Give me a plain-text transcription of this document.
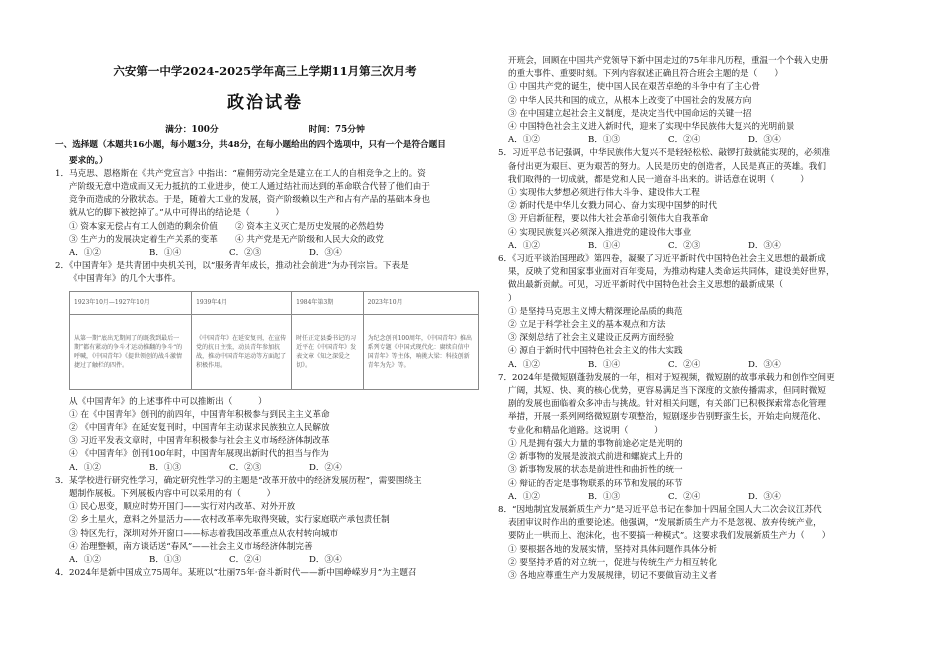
六安第一中学2024-2025学年高三上学期11月第三次月考
政治试卷
满分：100分	时间：75分钟
一、选择题（本题共16小题，每小题3分，共48分，在每小题给出的四个选项中，只有一个是符合题目
要求的。）

1．马克思、恩格斯在《共产党宣言》中指出：“雇佣劳动完全是建立在工人的自相竞争之上的。资

产阶级无意中造成而又无力抵抗的工业进步，使工人通过结社而达到的革命联合代替了他们由于

竞争而造成的分散状态。于是，随着大工业的发展，资产阶级赖以生产和占有产品的基础本身也

就从它的脚下被挖掉了。”从中可得出的结论是（　　　）

① 资本家无偿占有工人创造的剩余价值　　② 资本主义灭亡是历史发展的必然趋势

③ 生产力的发展决定着生产关系的变革　　④ 共产党是无产阶级和人民大众的政党

A．①②	B．①④	C．②③	D．③④

2．《中国青年》是共青团中央机关刊，以“服务青年成长，推动社会前进”为办刊宗旨。下表是

《中国青年》的几个大事件。

1923年10月—1927年10月	1939年4月	1984年第3期	2023年10月
从第一期“底出无期间了的既我到最后一期”都有紧动的争斗才运动推翻的争斗“的呼喊，《中国青年》《提世领创的战斗激情捷过了触栏的四件。	《中国青年》在延安复刊，在宣传党的抗日主张，动员青年参加抗战，推动中国青年运动等方面起了积极作用。	时任正定县委书记的习近平在《中国青年》发表文章《知之深爱之切》。	为纪念创刊100周年，《中国青年》推出系列专题《中国式现代化：赓续自信中国青年》等主体，响挑大梁：科技创新青年为先》等。

从《中国青年》的上述事件中可以推断出（　　　）

① 在《中国青年》创刊的前四年，中国青年积极参与到民主主义革命

② 《中国青年》在延安复刊时，中国青年主动谋求民族独立人民解放

③ 习近平发表文章时，中国青年积极参与社会主义市场经济体制改革

④ 《中国青年》创刊100年时，中国青年展现出新时代的担当与作为

A．①②	B．①③	C．②③	D．②④

3．某学校进行研究性学习，确定研究性学习的主题是“改革开放中的经济发展历程”，需要围绕主

题制作展板。下列展板内容中可以采用的有（　　　）

① 民心思变，顺应时势开国门——实行对内改革、对外开放

② 乡土星火，意料之外显活力——农村改革率先取得突破，实行家庭联产承包责任制

③ 特区先行，深圳对外开窗口——标志着我国改革重点从农村转向城市

④ 治理整顿，南方谈话送“春风”——社会主义市场经济体制完善

A．①②	B．①③	C．②④	D．③④

4．2024年是新中国成立75周年。某班以“壮丽75年·奋斗新时代——新中国峥嵘岁月”为主题召

开班会，回顾在中国共产党领导下新中国走过的75年非凡历程，重温一个个载入史册

的重大事件、重要时刻。下列内容叙述正确且符合班会主题的是（　　）

① 中国共产党的诞生，使中国人民在艰苦卓绝的斗争中有了主心骨

② 中华人民共和国的成立，从根本上改变了中国社会的发展方向

③ 在中国建立起社会主义制度，是决定当代中国命运的关键一招

④ 中国特色社会主义进入新时代，迎来了实现中华民族伟大复兴的光明前景

A．①②	B．①③	C．②④	D．③④

5．习近平总书记强调，中华民族伟大复兴不是轻轻松松、敲锣打鼓就能实现的，必须准

备付出更为艰巨、更为艰苦的努力。人民是历史的创造者，人民是真正的英雄。我们

我们取得的一切成就，都是党和人民一道奋斗出来的。讲话意在说明（　　　）

① 实现伟大梦想必须进行伟大斗争、建设伟大工程

② 新时代是中华儿女戮力同心、奋力实现中国梦的时代

③ 开启新征程，要以伟大社会革命引领伟大自我革命

④ 实现民族复兴必须深入推进党的建设伟大事业

A．①②	B．①④	C．②③	D．③④

6．《习近平谈治国理政》第四卷，凝聚了习近平新时代中国特色社会主义思想的最新成

果，反映了党和国家事业面对百年变局，为推动构建人类命运共同体，建设美好世界，

做出最新贡献。可见，习近平新时代中国特色社会主义思想的最新成果（　　

）

① 是坚持马克思主义博大精深理论品质的典范

② 立足于科学社会主义的基本观点和方法

③ 深刻总结了社会主义建设正反两方面经验

④ 源自于新时代中国特色社会主义的伟大实践

A．①②	B．①④	C．②④	D．③④

7．2024年是微短剧蓬勃发展的一年，相对于短视频，微短剧的故事承载力和创作空间更

广阔，其短、快、爽的核心优势，更容易满足当下深度的文旅传播需求，但同时微短

剧的发展也面临着众多冲击与挑战。针对相关问题，有关部门已积极探索常态化管理

举措，开展一系列网络微短剧专项整治，短剧逐步告别野蛮生长，开始走向规范化、

专业化和精品化道路。这说明（　　　）

① 凡是拥有强大力量的事物前途必定是光明的

② 新事物的发展是波浪式前进和螺旋式上升的

③ 新事物发展的状态是前进性和曲折性的统一

④ 辩证的否定是事物联系的环节和发展的环节

A．①②	B．①③	C．②④	D．③④

8．“因地制宜发展新质生产力”是习近平总书记在参加十四届全国人大二次会议江苏代

表团审议时作出的重要论述。他强调，“发展新质生产力不是忽视、放弃传统产业，

要防止一哄而上、泡沫化，也不要搞一种模式”。这要求我们发展新质生产力（　　）

① 要根据各地的发展实情，坚持对具体问题作具体分析

② 要坚持矛盾的对立统一，促进与传统生产力相互转化

③ 各地应尊重生产力发展规律，切记不要做盲动主义者
